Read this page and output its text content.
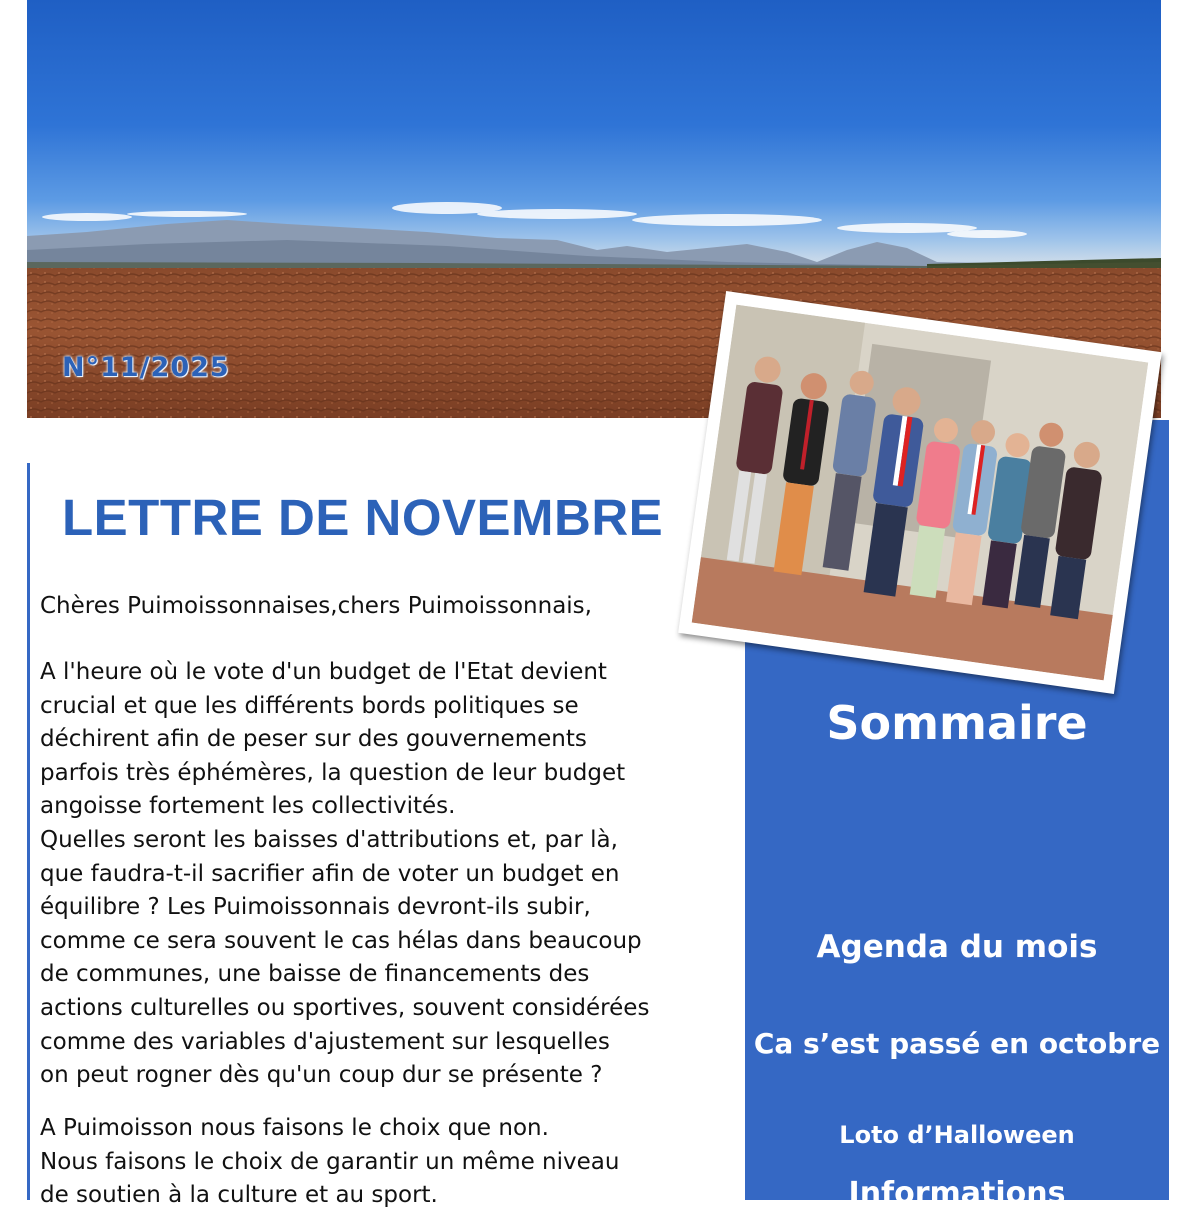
N°11/2025
LETTRE DE NOVEMBRE
Chères Puimoissonnaises,chers Puimoissonnais,

A l'heure où le vote d'un budget de l'Etat devient
crucial et que les différents bords politiques se
déchirent afin de peser sur des gouvernements
parfois très éphémères, la question de leur budget
angoisse fortement les collectivités.
Quelles seront les baisses d'attributions et, par là,
que faudra-t-il sacrifier afin de voter un budget en
équilibre ? Les Puimoissonnais devront-ils subir,
comme ce sera souvent le cas hélas dans beaucoup
de communes, une baisse de financements des
actions culturelles ou sportives, souvent considérées
comme des variables d'ajustement sur lesquelles
on peut rogner dès qu'un coup dur se présente ?

A Puimoisson nous faisons le choix que non.
Nous faisons le choix de garantir un même niveau
de soutien à la culture et au sport.

Sommaire
Agenda du mois
Ca s’est passé en octobre
Loto d’Halloween
Informations
